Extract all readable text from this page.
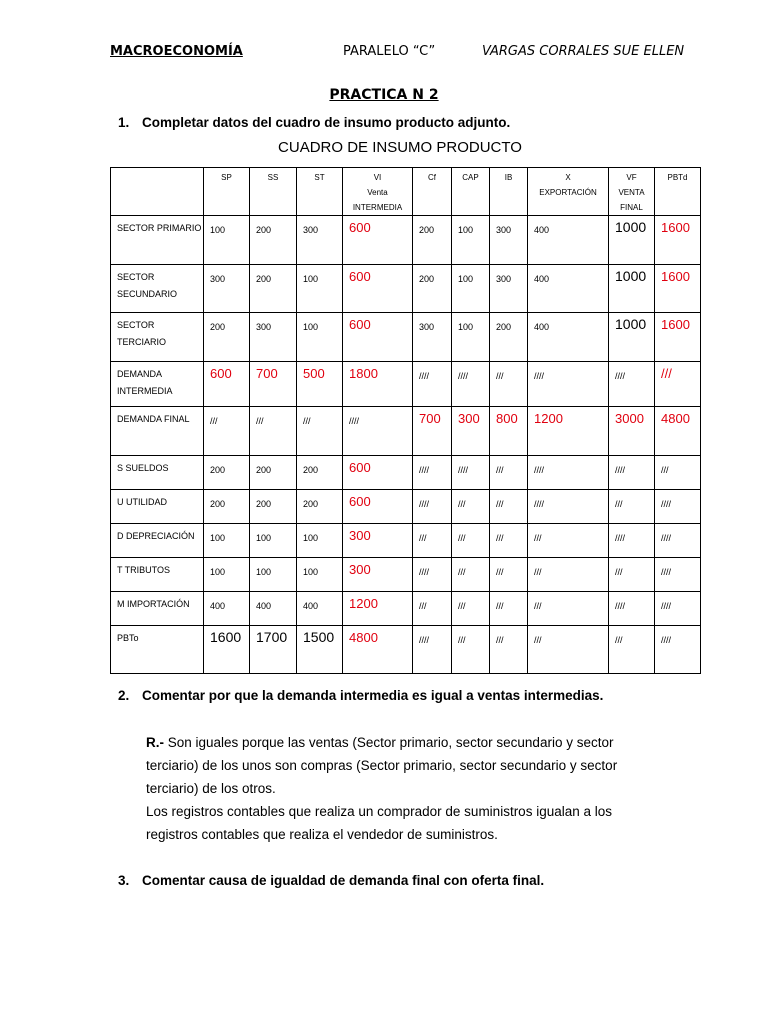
MACROECONOMÍA	PARALELO “C”	VARGAS CORRALES SUE ELLEN
PRACTICA N 2
1. Completar datos del cuadro de insumo producto adjunto.
CUADRO DE INSUMO PRODUCTO
	SP	SS	ST	VI
Venta
INTERMEDIA	Cf	CAP	IB	X
EXPORTACIÓN	VF
VENTA
FINAL	PBTd
SECTOR PRIMARIO	100	200	300	600	200	100	300	400	1000	1600
SECTOR SECUNDARIO	300	200	100	600	200	100	300	400	1000	1600
SECTOR TERCIARIO	200	300	100	600	300	100	200	400	1000	1600
DEMANDA INTERMEDIA	600	700	500	1800	////	////	///	////	////	///
DEMANDA FINAL	///	///	///	////	700	300	800	1200	3000	4800
S SUELDOS	200	200	200	600	////	////	///	////	////	///
U UTILIDAD	200	200	200	600	////	///	///	////	///	////
D DEPRECIACIÓN	100	100	100	300	///	///	///	///	////	////
T TRIBUTOS	100	100	100	300	////	///	///	///	///	////
M IMPORTACIÓN	400	400	400	1200	///	///	///	///	////	////
PBTo	1600	1700	1500	4800	////	///	///	///	///	////
2. Comentar por que la demanda intermedia es igual a ventas intermedias.
R.- Son iguales porque las ventas (Sector primario, sector secundario y sector terciario) de los unos son compras (Sector primario, sector secundario y sector terciario) de los otros.
Los registros contables que realiza un comprador de suministros igualan a los registros contables que realiza el vendedor de suministros.
3. Comentar causa de igualdad de demanda final con oferta final.
